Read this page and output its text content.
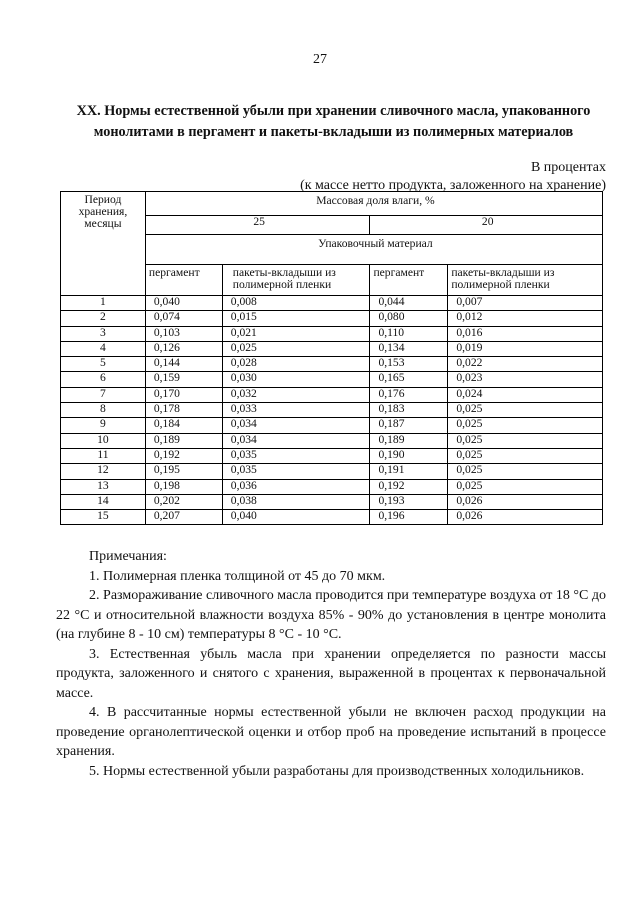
27
XX. Нормы естественной убыли при хранении сливочного масла, упакованного монолитами в пергамент и пакеты-вкладыши из полимерных материалов
В процентах
(к массе нетто продукта, заложенного на хранение)
Период хранения, месяцы	Массовая доля влаги, %			
	25		20	
	Упаковочный материал			
	пергамент	пакеты-вкладыши из полимерной пленки	пергамент	пакеты-вкладыши из полимерной пленки
1	0,040	0,008	0,044	0,007
2	0,074	0,015	0,080	0,012
3	0,103	0,021	0,110	0,016
4	0,126	0,025	0,134	0,019
5	0,144	0,028	0,153	0,022
6	0,159	0,030	0,165	0,023
7	0,170	0,032	0,176	0,024
8	0,178	0,033	0,183	0,025
9	0,184	0,034	0,187	0,025
10	0,189	0,034	0,189	0,025
11	0,192	0,035	0,190	0,025
12	0,195	0,035	0,191	0,025
13	0,198	0,036	0,192	0,025
14	0,202	0,038	0,193	0,026
15	0,207	0,040	0,196	0,026
Примечания:

1. Полимерная пленка толщиной от 45 до 70 мкм.

2. Размораживание сливочного масла проводится при температуре воздуха от 18 °С до 22 °С и относительной влажности воздуха 85% - 90% до установления в центре монолита (на глубине 8 - 10 см) температуры 8 °С - 10 °С.

3. Естественная убыль масла при хранении определяется по разности массы продукта, заложенного и снятого с хранения, выраженной в процентах к первоначальной массе.

4. В рассчитанные нормы естественной убыли не включен расход продукции на проведение органолептической оценки и отбор проб на проведение испытаний в процессе хранения.

5. Нормы естественной убыли разработаны для производственных холодильников.
